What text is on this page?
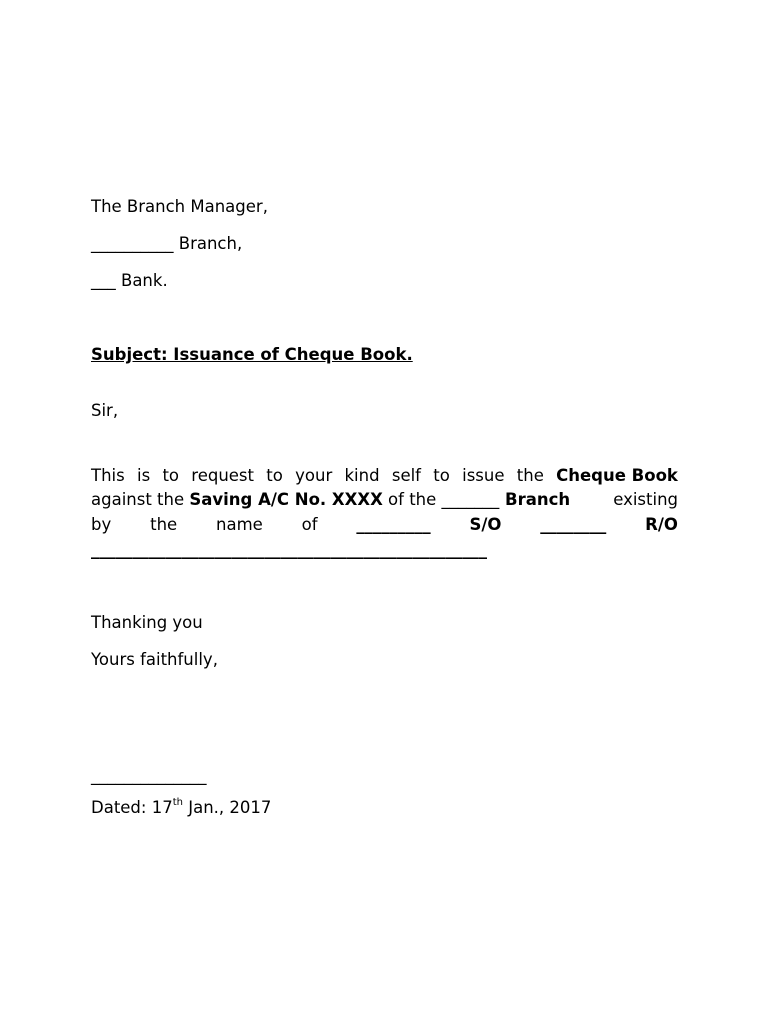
The Branch Manager,
__________ Branch,
___ Bank.
Subject: Issuance of Cheque Book.
Sir,
This is to request to your kind self to issue the Cheque Book
against the Saving A/C No. XXXX of the _______ Branch	existing
by the name of _________ S/O ________ R/O
________________________________________________
Thanking you
Yours faithfully,
______________
Dated: 17th Jan., 2017
